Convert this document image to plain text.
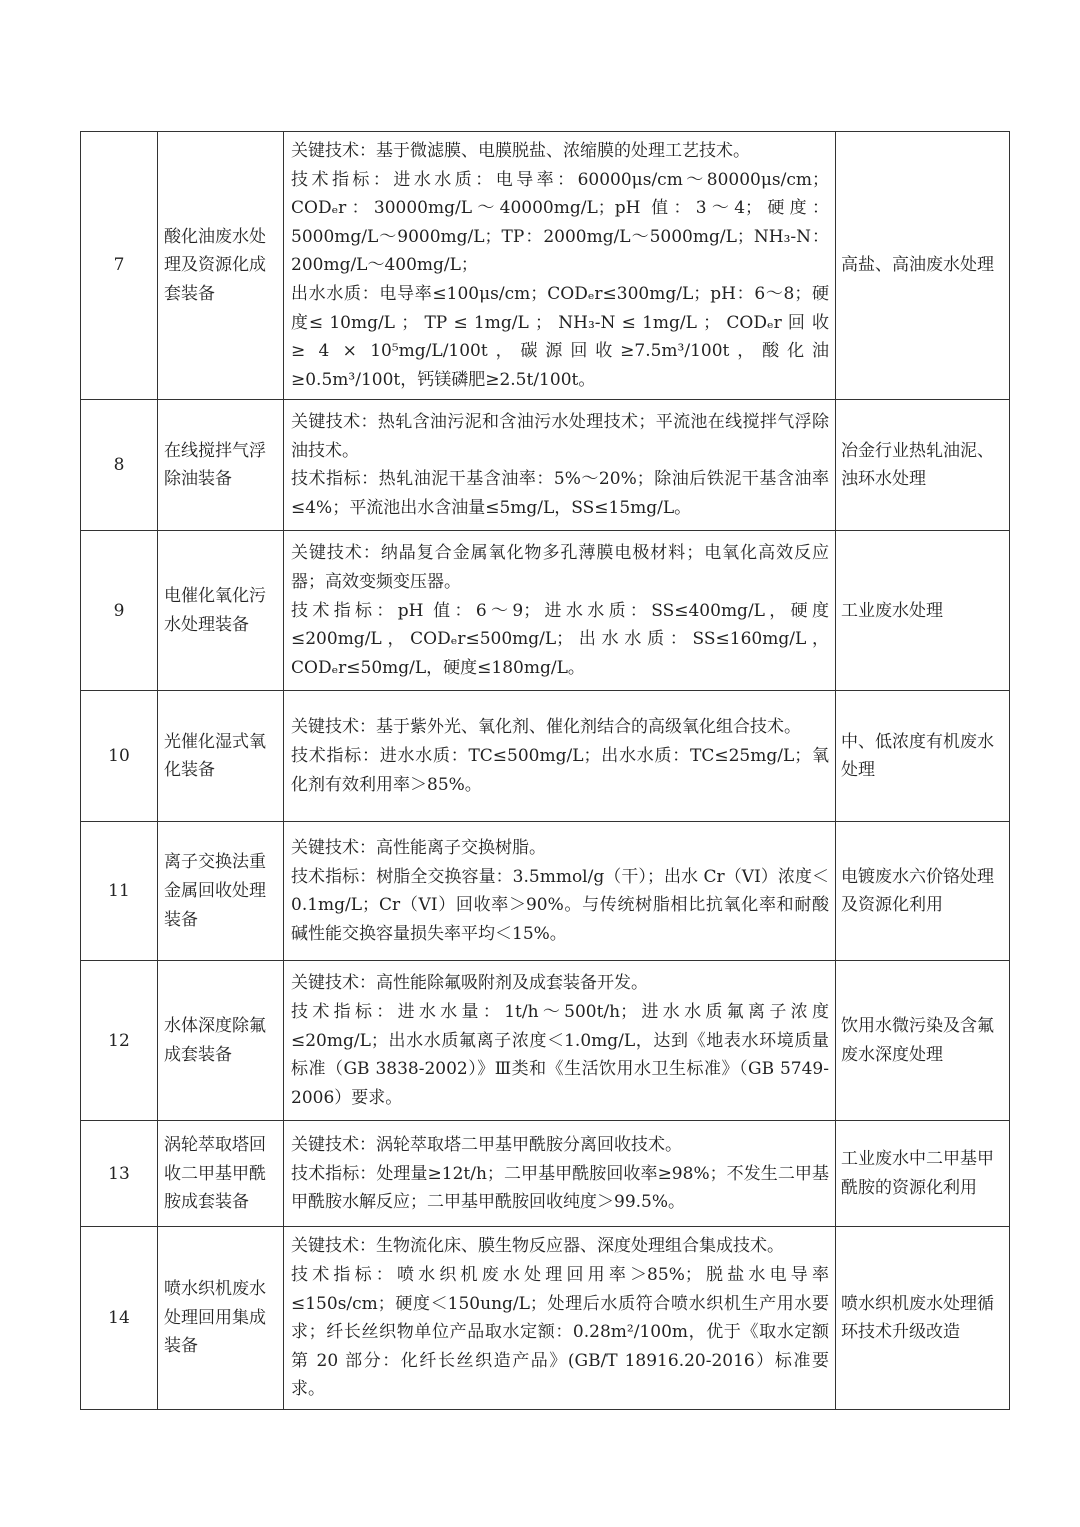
7	酸化油废水处理及资源化成套装备	关键技术：基于微滤膜、电膜脱盐、浓缩膜的处理工艺技术。
技术指标：进水水质：电导率：60000μs/cm～80000μs/cm；CODₑr：30000mg/L～40000mg/L；pH 值：3～4；硬度：5000mg/L～9000mg/L；TP：2000mg/L～5000mg/L；NH₃-N：200mg/L～400mg/L；
出水水质：电导率≤100μs/cm；CODₑr≤300mg/L；pH：6～8；硬度≤ 10mg/L ； TP ≤ 1mg/L ； NH₃-N ≤ 1mg/L ； CODₑr 回 收 ≥ 4 × 10⁵mg/L/100t，碳源回收≥7.5m³/100t，酸化油≥0.5m³/100t，钙镁磷肥≥2.5t/100t。	高盐、高油废水处理
8	在线搅拌气浮除油装备	关键技术：热轧含油污泥和含油污水处理技术；平流池在线搅拌气浮除油技术。
技术指标：热轧油泥干基含油率：5%～20%；除油后铁泥干基含油率≤4%；平流池出水含油量≤5mg/L，SS≤15mg/L。	冶金行业热轧油泥、浊环水处理
9	电催化氧化污水处理装备	关键技术：纳晶复合金属氧化物多孔薄膜电极材料；电氧化高效反应器；高效变频变压器。
技术指标：pH 值：6～9；进水水质：SS≤400mg/L，硬度≤200mg/L，CODₑr≤500mg/L；出水水质：SS≤160mg/L，CODₑr≤50mg/L，硬度≤180mg/L。	工业废水处理
10	光催化湿式氧化装备	关键技术：基于紫外光、氧化剂、催化剂结合的高级氧化组合技术。
技术指标：进水水质：TC≤500mg/L；出水水质：TC≤25mg/L；氧化剂有效利用率＞85%。	中、低浓度有机废水处理
11	离子交换法重金属回收处理装备	关键技术：高性能离子交换树脂。
技术指标：树脂全交换容量：3.5mmol/g（干）；出水 Cr（VI）浓度＜0.1mg/L；Cr（VI）回收率＞90%。与传统树脂相比抗氧化率和耐酸碱性能交换容量损失率平均＜15%。	电镀废水六价铬处理及资源化利用
12	水体深度除氟成套装备	关键技术：高性能除氟吸附剂及成套装备开发。
技术指标：进水水量：1t/h～500t/h；进水水质氟离子浓度≤20mg/L；出水水质氟离子浓度＜1.0mg/L，达到《地表水环境质量标准（GB 3838-2002）》Ⅲ类和《生活饮用水卫生标准》（GB 5749-2006）要求。	饮用水微污染及含氟废水深度处理
13	涡轮萃取塔回收二甲基甲酰胺成套装备	关键技术：涡轮萃取塔二甲基甲酰胺分离回收技术。
技术指标：处理量≥12t/h；二甲基甲酰胺回收率≥98%；不发生二甲基甲酰胺水解反应；二甲基甲酰胺回收纯度＞99.5%。	工业废水中二甲基甲酰胺的资源化利用
14	喷水织机废水处理回用集成装备	关键技术：生物流化床、膜生物反应器、深度处理组合集成技术。
技术指标：喷水织机废水处理回用率＞85%；脱盐水电导率≤150s/cm；硬度＜150ung/L；处理后水质符合喷水织机生产用水要求；纤长丝织物单位产品取水定额：0.28m²/100m，优于《取水定额第 20 部分：化纤长丝织造产品》(GB/T 18916.20-2016）标准要求。	喷水织机废水处理循环技术升级改造
